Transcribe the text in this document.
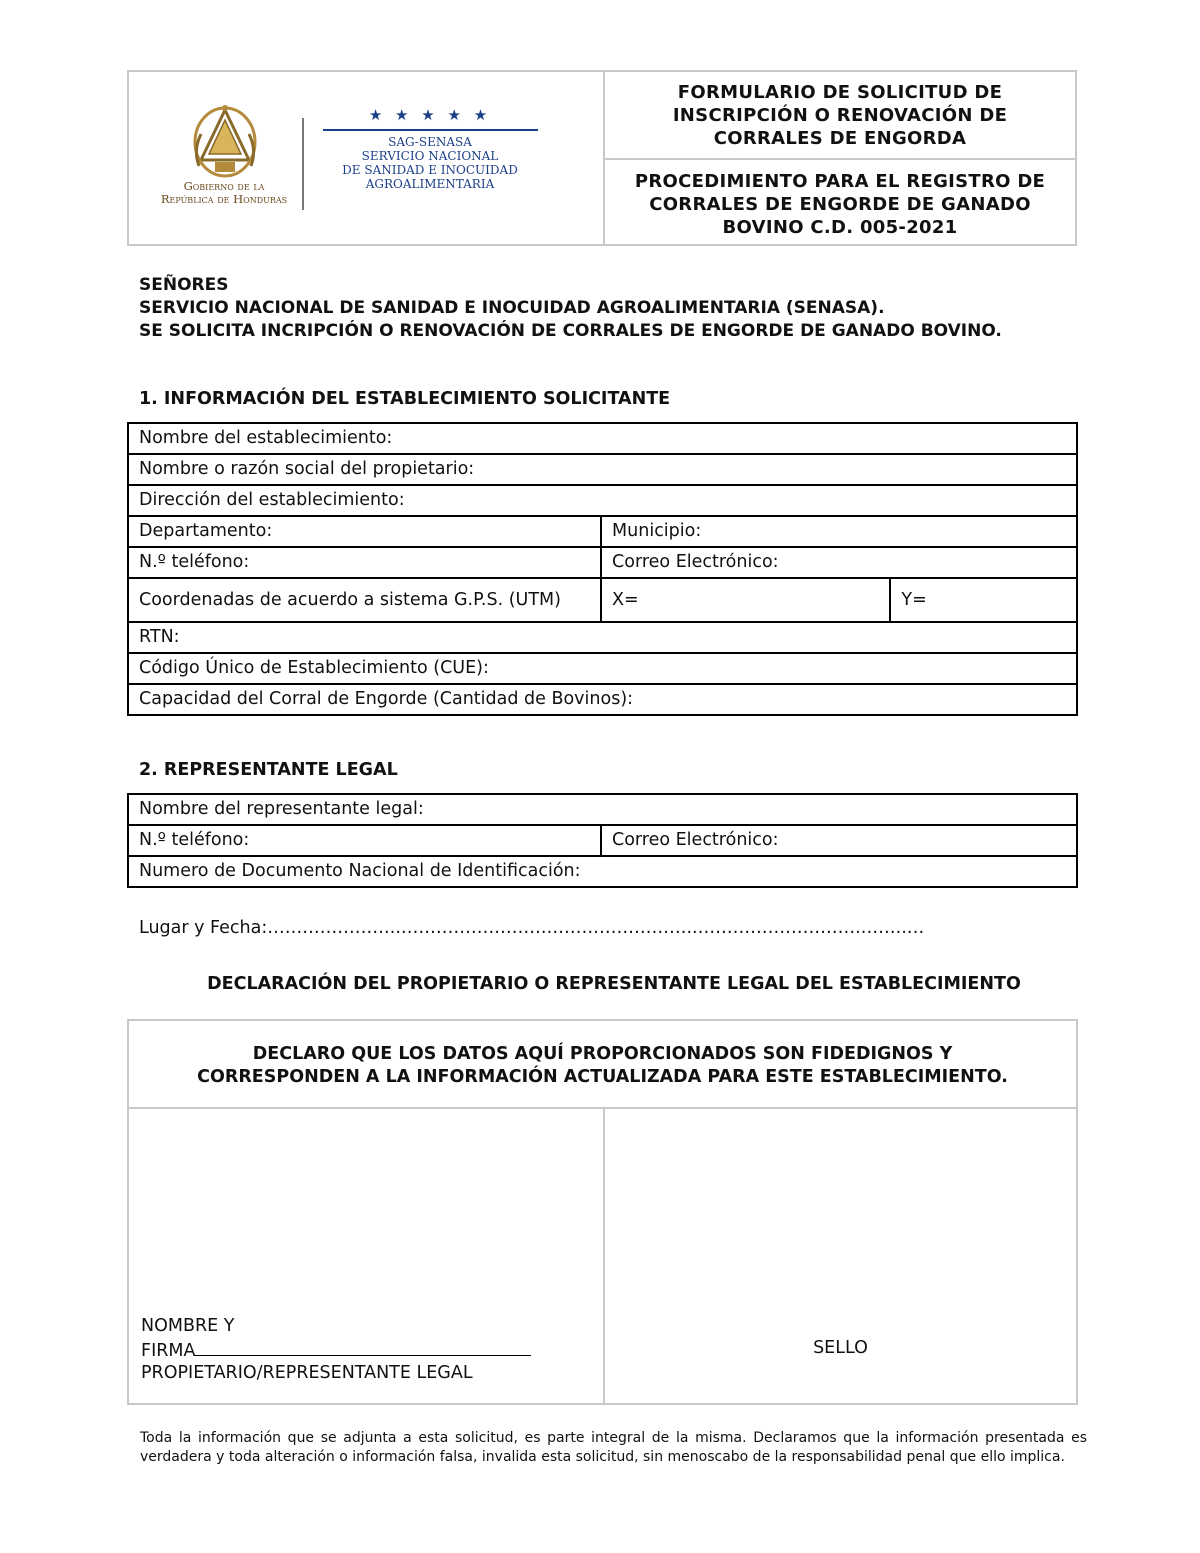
Gobierno de la
República de Honduras
★ ★ ★ ★ ★
SAG-SENASA
SERVICIO NACIONAL
DE SANIDAD E INOCUIDAD
AGROALIMENTARIA
FORMULARIO DE SOLICITUD DE
INSCRIPCIÓN O RENOVACIÓN DE
CORRALES DE ENGORDA
PROCEDIMIENTO PARA EL REGISTRO DE
CORRALES DE ENGORDE DE GANADO
BOVINO C.D. 005-2021
SEÑORES
SERVICIO NACIONAL DE SANIDAD E INOCUIDAD AGROALIMENTARIA (SENASA).
SE SOLICITA INCRIPCIÓN O RENOVACIÓN DE CORRALES DE ENGORDE DE GANADO BOVINO.
1. INFORMACIÓN DEL ESTABLECIMIENTO SOLICITANTE
Nombre del establecimiento:		
Nombre o razón social del propietario:		
Dirección del establecimiento:		
Departamento:	Municipio:	
N.º teléfono:	Correo Electrónico:	
Coordenadas de acuerdo a sistema G.P.S. (UTM)	X=	Y=
RTN:		
Código Único de Establecimiento (CUE):		
Capacidad del Corral de Engorde (Cantidad de Bovinos):		
2. REPRESENTANTE LEGAL
Nombre del representante legal:
N.º teléfono:	Correo Electrónico:
Numero de Documento Nacional de Identificación:
Lugar y Fecha:…………………..…………………….……………………..……………………….……..…
DECLARACIÓN DEL PROPIETARIO O REPRESENTANTE LEGAL DEL ESTABLECIMIENTO
DECLARO QUE LOS DATOS AQUÍ PROPORCIONADOS SON FIDEDIGNOS Y
CORRESPONDEN A LA INFORMACIÓN ACTUALIZADA PARA ESTE ESTABLECIMIENTO.
NOMBRE Y
FIRMA
PROPIETARIO/REPRESENTANTE LEGAL
SELLO
Toda la información que se adjunta a esta solicitud, es parte integral de la misma. Declaramos que la información presentada es verdadera y toda alteración o información falsa, invalida esta solicitud, sin menoscabo de la responsabilidad penal que ello implica.
